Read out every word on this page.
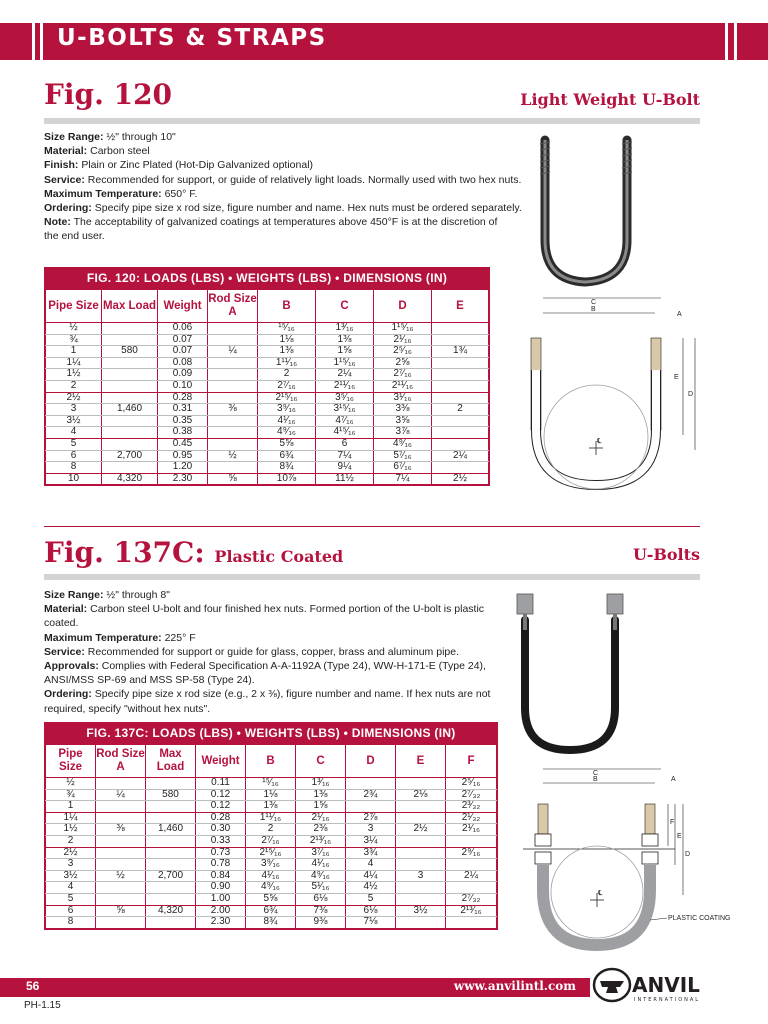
U-BOLTS & STRAPS
Fig. 120	Light Weight U-Bolt

Size Range: ½" through 10"

Material: Carbon steel

Finish: Plain or Zinc Plated (Hot-Dip Galvanized optional)

Service: Recommended for support, or guide of relatively light loads. Normally used with two hex nuts.

Maximum Temperature: 650° F.

Ordering: Specify pipe size x rod size, figure number and name. Hex nuts must be ordered separately.

Note: The acceptability of galvanized coatings at temperatures above 450°F is at the discretion of the end user.

FIG. 120: LOADS (LBS) • WEIGHTS (LBS) • DIMENSIONS (IN)
Pipe Size	Max Load	Weight	Rod Size A	B	C	D	E
½		0.06		¹⁵⁄₁₆	1³⁄₁₆	1¹⁵⁄₁₆	
¾		0.07		1⅛	1⅜	2¹⁄₁₆	
1	580	0.07	¼	1⅜	1⅝	2⁵⁄₁₆	1¾
1¼		0.08		1¹¹⁄₁₆	1¹⁵⁄₁₆	2⅝	
1½		0.09		2	2¼	2⁷⁄₁₆	
2		0.10		2⁷⁄₁₆	2¹¹⁄₁₆	2¹¹⁄₁₆	
2½		0.28		2¹⁵⁄₁₆	3⁵⁄₁₆	3¹⁄₁₆	
3	1,460	0.31	⅜	3⁹⁄₁₆	3¹⁵⁄₁₆	3⅜	2
3½		0.35		4¹⁄₁₆	4⁷⁄₁₆	3⅝	
4		0.38		4⁹⁄₁₆	4¹⁵⁄₁₆	3⅞	
5		0.45		5⅝	6	4⁹⁄₁₆	
6	2,700	0.95	½	6¾	7¼	5⁷⁄₁₆	2¼
8		1.20		8¾	9¼	6⁷⁄₁₆	
10	4,320	2.30	⅝	10⅞	11½	7¼	2½
C
B
A
℄
E
D
Fig. 137C: Plastic Coated	U-Bolts

Size Range: ½" through 8"

Material: Carbon steel U-bolt and four finished hex nuts. Formed portion of the U-bolt is plastic coated.

Maximum Temperature: 225° F

Service: Recommended for support or guide for glass, copper, brass and aluminum pipe.

Approvals: Complies with Federal Specification A-A-1192A (Type 24), WW-H-171-E (Type 24), ANSI/MSS SP-69 and MSS SP-58 (Type 24).

Ordering: Specify pipe size x rod size (e.g., 2 x ⅜), figure number and name. If hex nuts are not required, specify "without hex nuts".

FIG. 137C: LOADS (LBS) • WEIGHTS (LBS) • DIMENSIONS (IN)
Pipe Size	Rod Size A	Max Load	Weight	B	C	D	E	F
½			0.11	¹⁵⁄₁₆	1³⁄₁₆			2⁵⁄₁₆
¾	¼	580	0.12	1⅛	1⅜	2¾	2⅛	2⁷⁄₃₂
1			0.12	1⅜	1⅝			2³⁄₃₂
1¼			0.28	1¹¹⁄₁₆	2¹⁄₁₆	2⅞		2¹⁄₃₂
1½	⅜	1,460	0.30	2	2⅜	3	2½	2¹⁄₁₆
2			0.33	2⁷⁄₁₆	2¹³⁄₁₆	3¼		
2½			0.73	2¹⁵⁄₁₆	3⁷⁄₁₆	3¾		2⁹⁄₁₆
3			0.78	3⁹⁄₁₆	4¹⁄₁₆	4		
3½	½	2,700	0.84	4¹⁄₁₆	4⁹⁄₁₆	4¼	3	2¼
4			0.90	4⁹⁄₁₆	5¹⁄₁₆	4½		
5			1.00	5⅝	6⅛	5		2⁷⁄₃₂
6	⅝	4,320	2.00	6¾	7⅜	6⅛	3½	2¹³⁄₁₆
8			2.30	8¾	9⅜	7⅛		
C
B	A
℄
F
E
D
PLASTIC COATING
56	www.anvilintl.com
PH-1.15
ANVIL
INTERNATIONAL
